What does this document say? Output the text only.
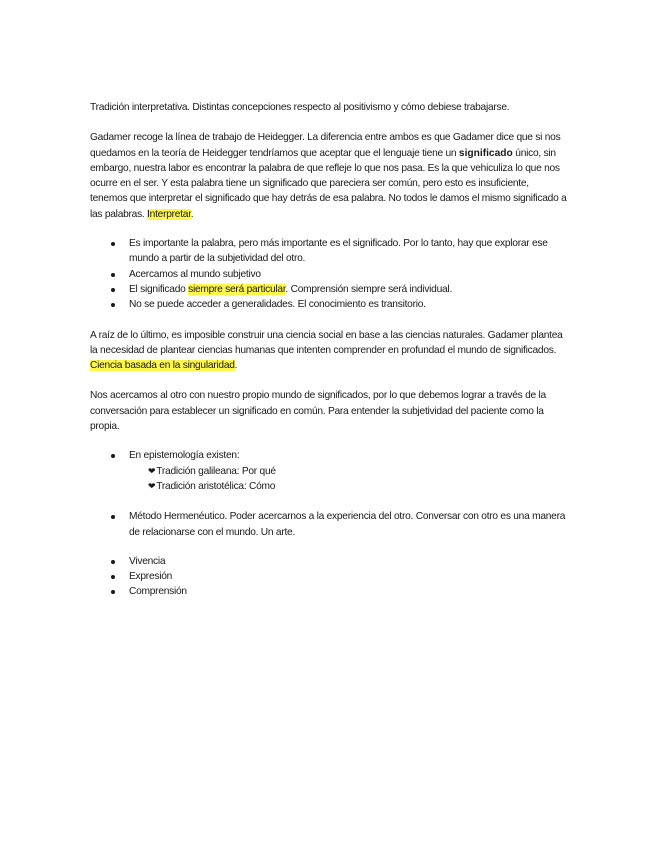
Tradición interpretativa. Distintas concepciones respecto al positivismo y cómo debiese trabajarse.

Gadamer recoge la línea de trabajo de Heidegger. La diferencia entre ambos es que Gadamer dice que si nos quedamos en la teoría de Heidegger tendríamos que aceptar que el lenguaje tiene un significado único, sin embargo, nuestra labor es encontrar la palabra de que refleje lo que nos pasa. Es la que vehiculiza lo que nos ocurre en el ser. Y esta palabra tiene un significado que pareciera ser común, pero esto es insuficiente, tenemos que interpretar el significado que hay detrás de esa palabra. No todos le damos el mismo significado a las palabras. Interpretar.

Es importante la palabra, pero más importante es el significado. Por lo tanto, hay que explorar ese mundo a partir de la subjetividad del otro.
Acercamos al mundo subjetivo
El significado siempre será particular. Comprensión siempre será individual.
No se puede acceder a generalidades. El conocimiento es transitorio.

A raíz de lo último, es imposible construir una ciencia social en base a las ciencias naturales. Gadamer plantea la necesidad de plantear ciencias humanas que intenten comprender en profundad el mundo de significados. Ciencia basada en la singularidad.

Nos acercamos al otro con nuestro propio mundo de significados, por lo que debemos lograr a través de la conversación para establecer un significado en común. Para entender la subjetividad del paciente como la propia.

En epistemología existen:
❤Tradición galileana: Por qué
❤Tradición aristotélica: Cómo
Método Hermenéutico. Poder acercarnos a la experiencia del otro. Conversar con otro es una manera de relacionarse con el mundo. Un arte.
Vivencia
Expresión
Comprensión
